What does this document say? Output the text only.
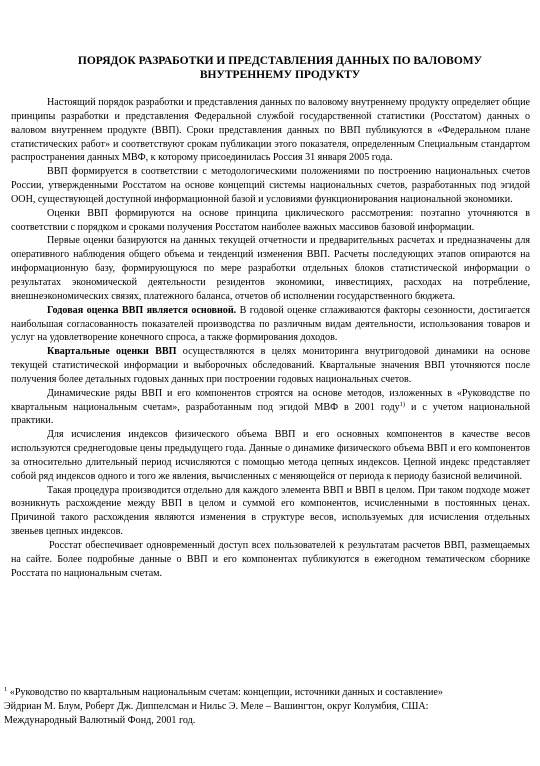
ПОРЯДОК РАЗРАБОТКИ И ПРЕДСТАВЛЕНИЯ ДАННЫХ ПО ВАЛОВОМУ
ВНУТРЕННЕМУ ПРОДУКТУ

Настоящий порядок разработки и представления данных по валовому внутреннему продукту определяет общие принципы разработки и представления Федеральной службой государственной статистики (Росстатом) данных о валовом внутреннем продукте (ВВП). Сроки представления данных по ВВП публикуются в «Федеральном плане статистических работ» и соответствуют срокам публикации этого показателя, определенным Специальным стандартом распространения данных МВФ, к которому присоединилась Россия 31 января 2005 года.

ВВП формируется в соответствии с методологическими положениями по построению национальных счетов России, утвержденными Росстатом на основе концепций системы национальных счетов, разработанных под эгидой ООН, существующей доступной информационной базой и условиями функционирования национальной экономики.

Оценки ВВП формируются на основе принципа циклического рассмотрения: поэтапно уточняются в соответствии с порядком и сроками получения Росстатом наиболее важных массивов базовой информации.

Первые оценки базируются на данных текущей отчетности и предварительных расчетах и предназначены для оперативного наблюдения общего объема и тенденций изменения ВВП. Расчеты последующих этапов опираются на информационную базу, формирующуюся по мере разработки отдельных блоков статистической информации о результатах экономической деятельности резидентов экономики, инвестициях, расходах на потребление, внешнеэкономических связях, платежного баланса, отчетов об исполнении государственного бюджета.

Годовая оценка ВВП является основной. В годовой оценке сглаживаются факторы сезонности, достигается наибольшая согласованность показателей производства по различным видам деятельности, использования товаров и услуг на удовлетворение конечного спроса, а также формирования доходов.

Квартальные оценки ВВП осуществляются в целях мониторинга внутригодовой динамики на основе текущей статистической информации и выборочных обследований. Квартальные значения ВВП уточняются после получения более детальных годовых данных при построении годовых национальных счетов.

Динамические ряды ВВП и его компонентов строятся на основе методов, изложенных в «Руководстве по квартальным национальным счетам», разработанным под эгидой МВФ в 2001 году$^{1)}$ и с учетом национальной практики.

Для исчисления индексов физического объема ВВП и его основных компонентов в качестве весов используются среднегодовые цены предыдущего года. Данные о динамике физического объема ВВП и его компонентов за относительно длительный период исчисляются с помощью метода цепных индексов. Цепной индекс представляет собой ряд индексов одного и того же явления, вычисленных с меняющейся от периода к периоду базисной величиной.

Такая процедура производится отдельно для каждого элемента ВВП и ВВП в целом. При таком подходе может возникнуть расхождение между ВВП в целом и суммой его компонентов, исчисленными в постоянных ценах. Причиной такого расхождения являются изменения в структуре весов, используемых для исчисления отдельных звеньев цепных индексов.

Росстат обеспечивает одновременный доступ всех пользователей к результатам расчетов ВВП, размещаемых на сайте. Более подробные данные о ВВП и его компонентах публикуются в ежегодном тематическом сборнике Росстата по национальным счетам.

$^1$ «Руководство по квартальным национальным счетам: концепции, источники данных и составление»

Эйдриан М. Блум, Роберт Дж. Диппелсман и Нильс Э. Меле – Вашингтон, округ Колумбия, США:

Международный Валютный Фонд, 2001 год.
